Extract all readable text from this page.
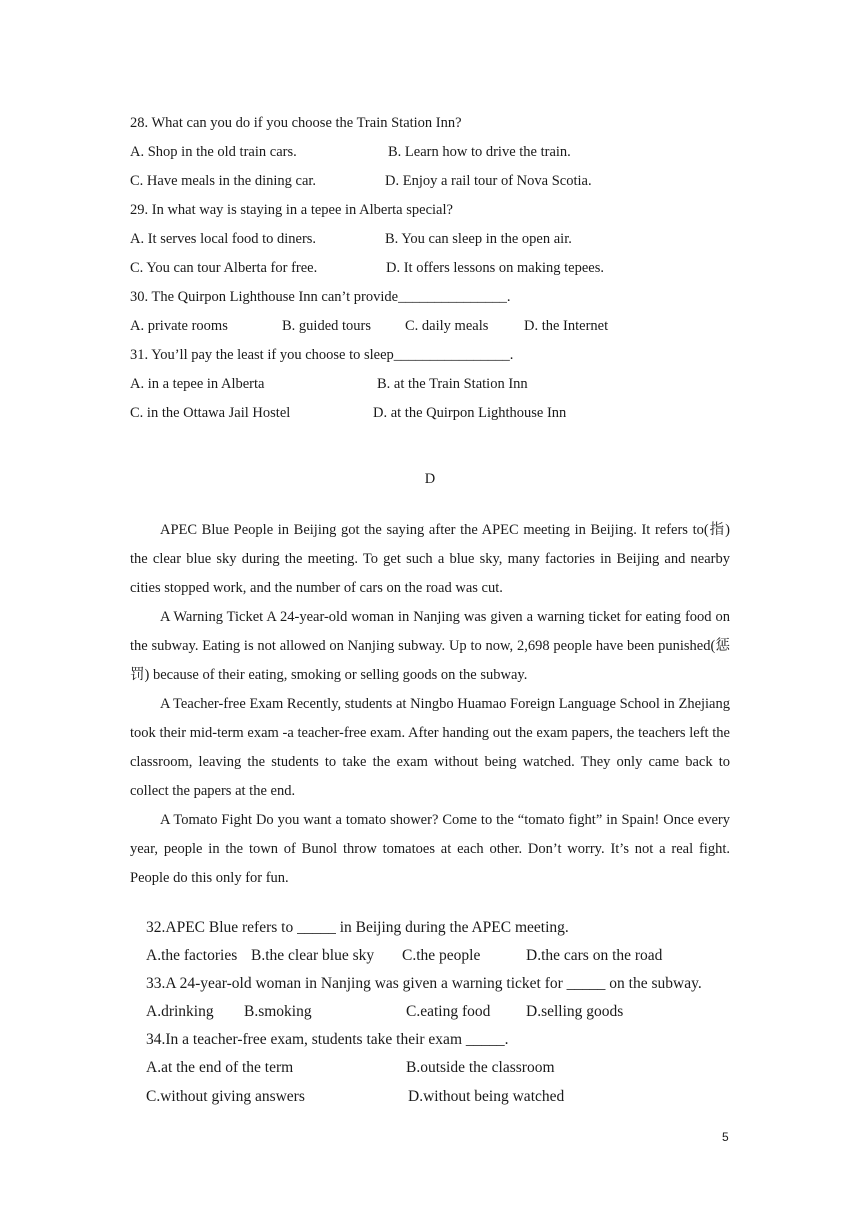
28. What can you do if you choose the Train Station Inn?
A. Shop in the old train cars.	B. Learn how to drive the train.
C. Have meals in the dining car.	D. Enjoy a rail tour of Nova Scotia.
29. In what way is staying in a tepee in Alberta special?
A. It serves local food to diners.	B. You can sleep in the open air.
C. You can tour Alberta for free.	D. It offers lessons on making tepees.
30. The Quirpon Lighthouse Inn can’t provide_______________.
A. private rooms	B. guided tours C. daily meals D. the Internet
31. You’ll pay the least if you choose to sleep________________.
A. in a tepee in Alberta	B. at the Train Station Inn
C. in the Ottawa Jail Hostel	D. at the Quirpon Lighthouse Inn
D

APEC Blue People in Beijing got the saying after the APEC meeting in Beijing. It refers to(指) the clear blue sky during the meeting. To get such a blue sky, many factories in Beijing and nearby cities stopped work, and the number of cars on the road was cut.

A Warning Ticket A 24-year-old woman in Nanjing was given a warning ticket for eating food on the subway. Eating is not allowed on Nanjing subway. Up to now, 2,698 people have been punished(惩罚) because of their eating, smoking or selling goods on the subway.

A Teacher-free Exam Recently, students at Ningbo Huamao Foreign Language School in Zhejiang took their mid-term exam -a teacher-free exam. After handing out the exam papers, the teachers left the classroom, leaving the students to take the exam without being watched. They only came back to collect the papers at the end.

A Tomato Fight Do you want a tomato shower? Come to the “tomato fight” in Spain! Once every year, people in the town of Bunol throw tomatoes at each other. Don’t worry. It’s not a real fight. People do this only for fun.

32.APEC Blue refers to _____ in Beijing during the APEC meeting.
A.the factories B.the clear blue sky C.the people	D.the cars on the road
33.A 24-year-old woman in Nanjing was given a warning ticket for _____ on the subway.
A.drinking B.smoking	C.eating food D.selling goods
34.In a teacher-free exam, students take their exam _____.
A.at the end of the term	B.outside the classroom
C.without giving answers	D.without being watched
5
